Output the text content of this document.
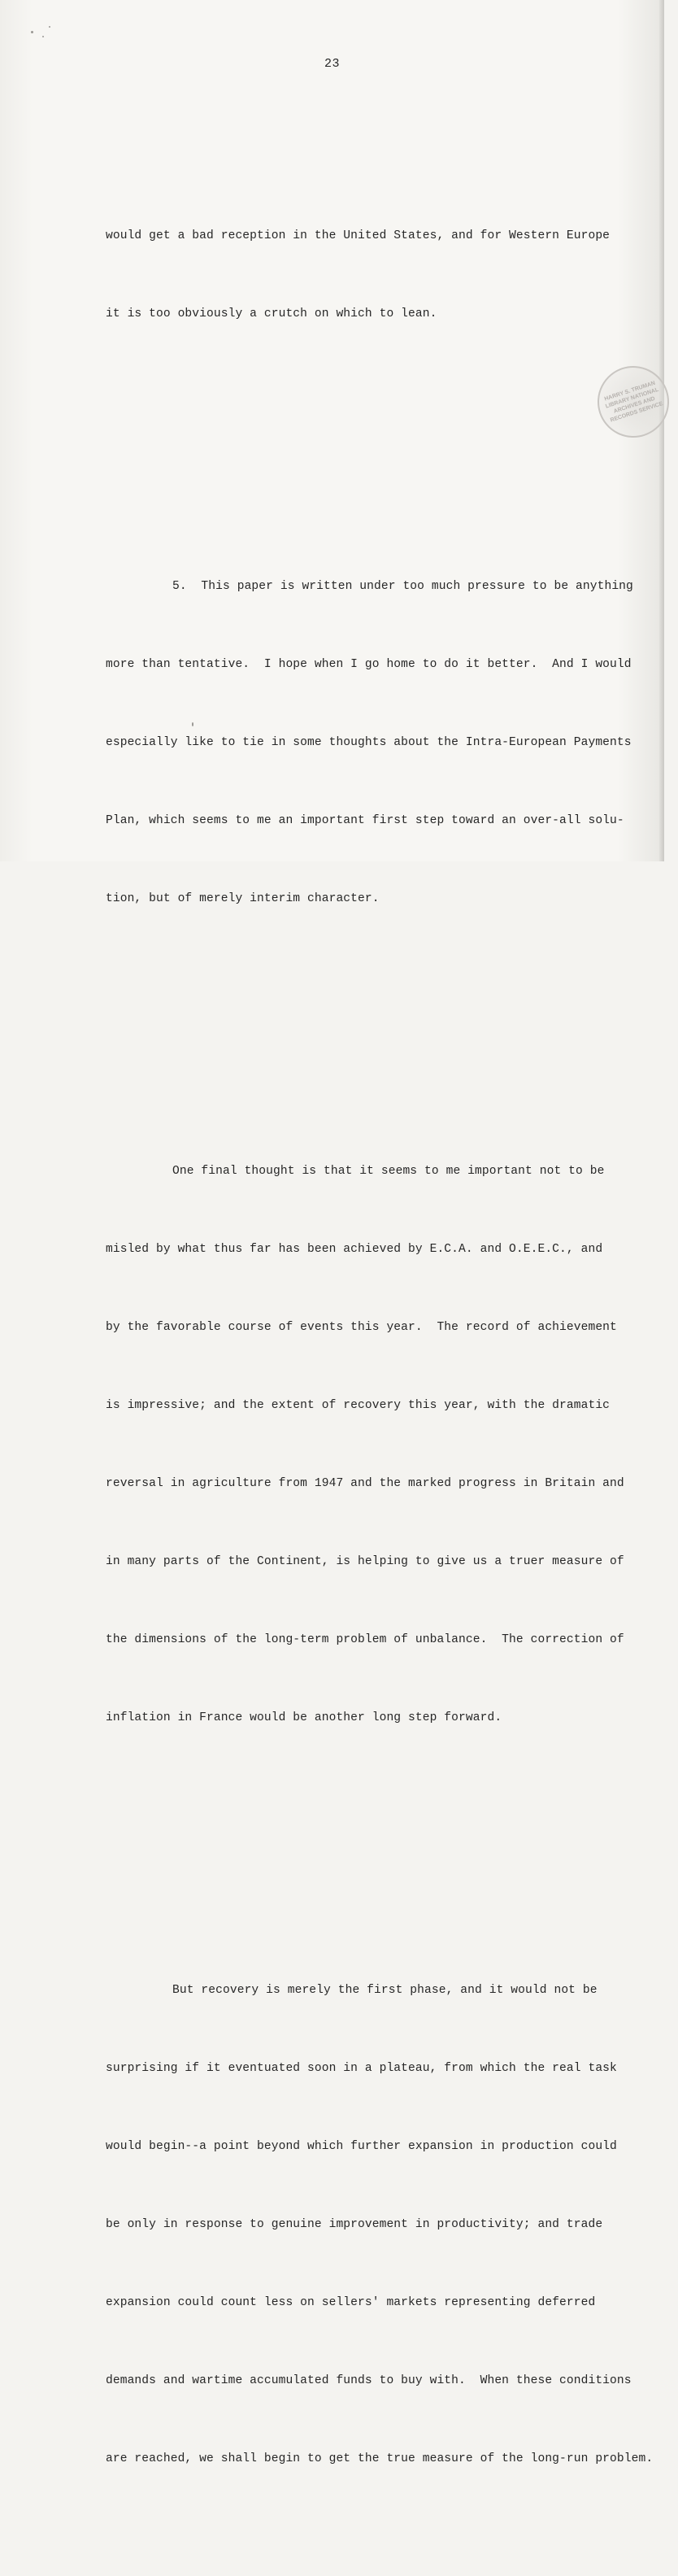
23

would get a bad reception in the United States, and for Western Europe

it is too obviously a crutch on which to lean.

5.  This paper is written under too much pressure to be anything

more than tentative.  I hope when I go home to do it better.  And I would

especially like to tie in some thoughts about the Intra-European Payments

Plan, which seems to me an important first step toward an over-all solu-

tion, but of merely interim character.

One final thought is that it seems to me important not to be

misled by what thus far has been achieved by E.C.A. and O.E.E.C., and

by the favorable course of events this year.  The record of achievement

is impressive; and the extent of recovery this year, with the dramatic

reversal in agriculture from 1947 and the marked progress in Britain and

in many parts of the Continent, is helping to give us a truer measure of

the dimensions of the long-term problem of unbalance.  The correction of

inflation in France would be another long step forward.

But recovery is merely the first phase, and it would not be

surprising if it eventuated soon in a plateau, from which the real task

would begin--a point beyond which further expansion in production could

be only in response to genuine improvement in productivity; and trade

expansion could count less on sellers' markets representing deferred

demands and wartime accumulated funds to buy with.  When these conditions

are reached, we shall begin to get the true measure of the long-run problem.

HARRY S. TRUMAN LIBRARY NATIONAL ARCHIVES AND RECORDS SERVICE
